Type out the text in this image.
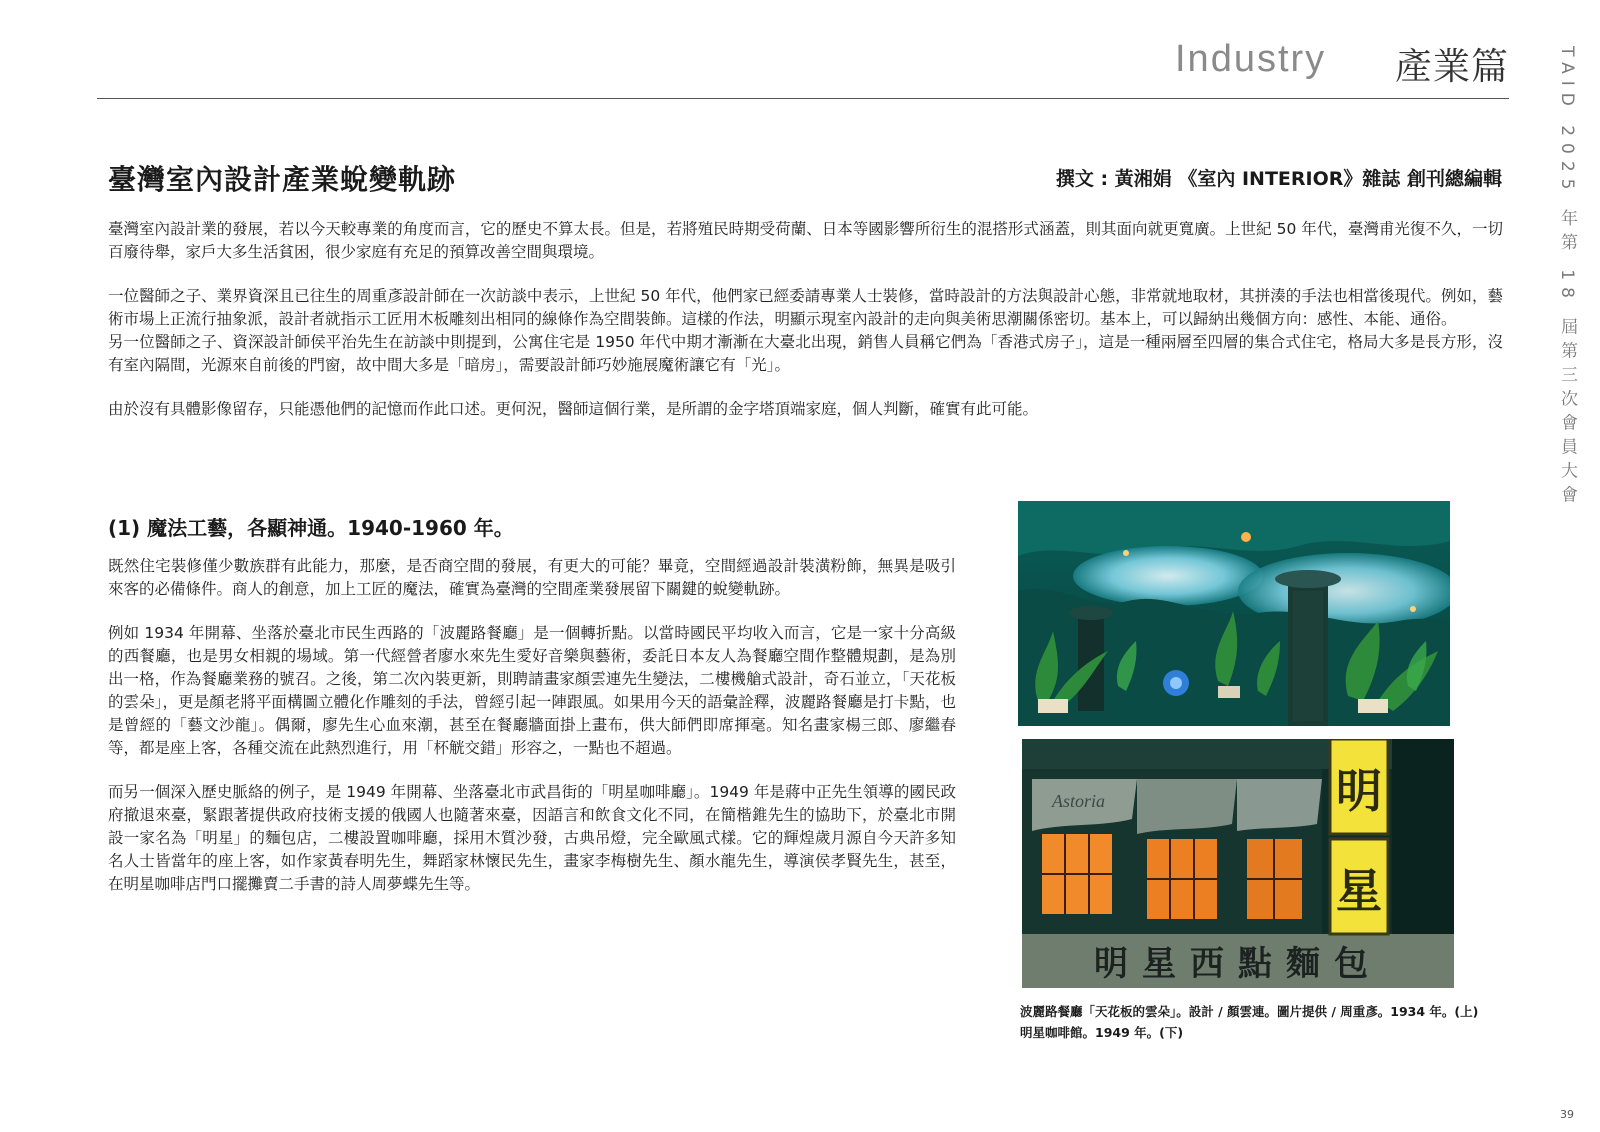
Industry 產業篇	TAID 2025 年第 18 屆第三次會員大會
臺灣室內設計產業蛻變軌跡	撰文 : 黃湘娟 《室內 INTERIOR》雜誌 創刊總編輯

臺灣室內設計業的發展，若以今天較專業的角度而言，它的歷史不算太長。但是，若將殖民時期受荷蘭、日本等國影響所衍生的混搭形式涵蓋，則其面向就更寬廣。上世紀 50 年代，臺灣甫光復不久，一切百廢待舉，家戶大多生活貧困，很少家庭有充足的預算改善空間與環境。

一位醫師之子、業界資深且已往生的周重彥設計師在一次訪談中表示，上世紀 50 年代，他們家已經委請專業人士裝修，當時設計的方法與設計心態，非常就地取材，其拼湊的手法也相當後現代。例如，藝術市場上正流行抽象派，設計者就指示工匠用木板雕刻出相同的線條作為空間裝飾。這樣的作法，明顯示現室內設計的走向與美術思潮關係密切。基本上，可以歸納出幾個方向：感性、本能、通俗。

另一位醫師之子、資深設計師侯平治先生在訪談中則提到，公寓住宅是 1950 年代中期才漸漸在大臺北出現，銷售人員稱它們為「香港式房子」，這是一種兩層至四層的集合式住宅，格局大多是長方形，沒有室內隔間，光源來自前後的門窗，故中間大多是「暗房」，需要設計師巧妙施展魔術讓它有「光」。

由於沒有具體影像留存，只能憑他們的記憶而作此口述。更何況，醫師這個行業，是所謂的金字塔頂端家庭，個人判斷，確實有此可能。

(1) 魔法工藝，各顯神通。1940-1960 年。

既然住宅裝修僅少數族群有此能力，那麼，是否商空間的發展，有更大的可能？畢竟，空間經過設計裝潢粉飾，無異是吸引來客的必備條件。商人的創意，加上工匠的魔法，確實為臺灣的空間產業發展留下關鍵的蛻變軌跡。

例如 1934 年開幕、坐落於臺北市民生西路的「波麗路餐廳」是一個轉折點。以當時國民平均收入而言，它是一家十分高級的西餐廳，也是男女相親的場域。第一代經營者廖水來先生愛好音樂與藝術，委託日本友人為餐廳空間作整體規劃，是為別出一格，作為餐廳業務的號召。之後，第二次內裝更新，則聘請畫家顏雲連先生變法，二樓機艙式設計，奇石並立，「天花板的雲朵」，更是顏老將平面構圖立體化作雕刻的手法，曾經引起一陣跟風。如果用今天的語彙詮釋，波麗路餐廳是打卡點，也是曾經的「藝文沙龍」。偶爾，廖先生心血來潮，甚至在餐廳牆面掛上畫布，供大師們即席揮毫。知名畫家楊三郎、廖繼春等，都是座上客，各種交流在此熱烈進行，用「杯觥交錯」形容之，一點也不超過。

而另一個深入歷史脈絡的例子，是 1949 年開幕、坐落臺北市武昌街的「明星咖啡廳」。1949 年是蔣中正先生領導的國民政府撤退來臺，緊跟著提供政府技術支援的俄國人也隨著來臺，因語言和飲食文化不同，在簡楷錐先生的協助下，於臺北市開設一家名為「明星」的麵包店，二樓設置咖啡廳，採用木質沙發，古典吊燈，完全歐風式樣。它的輝煌歲月源自今天許多知名人士皆當年的座上客，如作家黃春明先生，舞蹈家林懷民先生，畫家李梅樹先生、顏水龍先生，導演侯孝賢先生，甚至，在明星咖啡店門口擺攤賣二手書的詩人周夢蝶先生等。

Astoria
明星西點麵包
明
星
波麗路餐廳「天花板的雲朵」。設計 / 顏雲連。圖片提供 / 周重彥。1934 年。(上)
明星咖啡館。1949 年。(下)
39
